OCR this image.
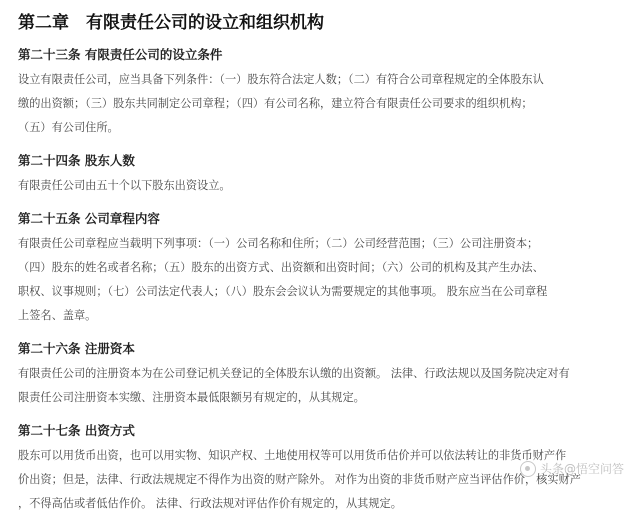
第二章　有限责任公司的设立和组织机构
第二十三条 有限责任公司的设立条件

设立有限责任公司，应当具备下列条件：（一）股东符合法定人数；（二）有符合公司章程规定的全体股东认
缴的出资额；（三）股东共同制定公司章程；（四）有公司名称，建立符合有限责任公司要求的组织机构；
（五）有公司住所。

第二十四条 股东人数

有限责任公司由五十个以下股东出资设立。

第二十五条 公司章程内容

有限责任公司章程应当载明下列事项：（一）公司名称和住所；（二）公司经营范围；（三）公司注册资本；
（四）股东的姓名或者名称；（五）股东的出资方式、出资额和出资时间；（六）公司的机构及其产生办法、
职权、议事规则；（七）公司法定代表人；（八）股东会会议认为需要规定的其他事项。 股东应当在公司章程
上签名、盖章。

第二十六条 注册资本

有限责任公司的注册资本为在公司登记机关登记的全体股东认缴的出资额。 法律、行政法规以及国务院决定对有
限责任公司注册资本实缴、注册资本最低限额另有规定的，从其规定。

第二十七条 出资方式

股东可以用货币出资，也可以用实物、知识产权、土地使用权等可以用货币估价并可以依法转让的非货币财产作
价出资；但是，法律、行政法规规定不得作为出资的财产除外。 对作为出资的非货币财产应当评估作价，核实财产
，不得高估或者低估作价。 法律、行政法规对评估作价有规定的，从其规定。

头条@悟空问答
